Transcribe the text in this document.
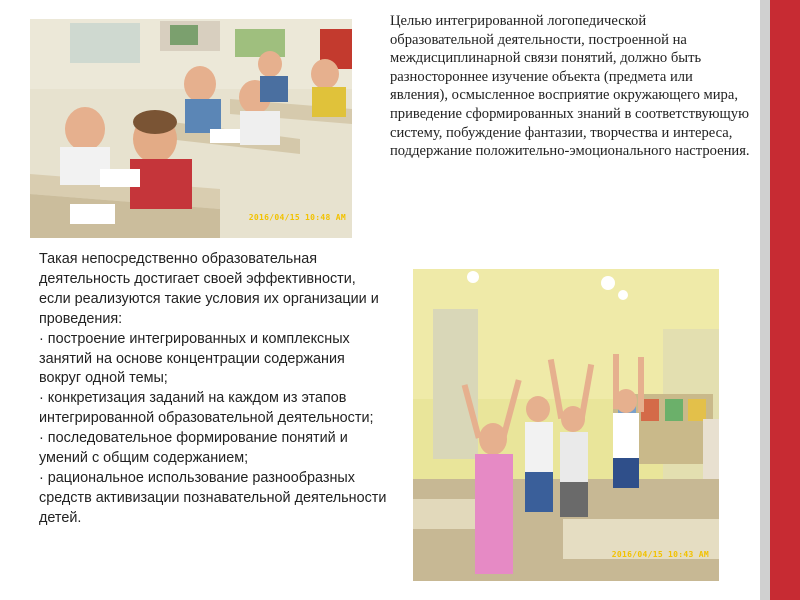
2016/04/15 10:48 AM
2016/04/15 10:43 AM
Целью интегрированной логопедической образовательной деятельности, построенной на междисциплинарной связи понятий, должно быть разностороннее изучение объекта (предмета или явления), осмысленное восприятие окружающего мира, приведение сформированных знаний в соответствующую систему, побуждение фантазии, творчества и интереса, поддержание положительно-эмоционального настроения.

Такая непосредственно образовательная деятельность достигает своей эффективности, если реализуются такие условия их организации и проведения:

· построение интегрированных и комплексных занятий на основе концентрации содержания вокруг одной темы;

· конкретизация заданий на каждом из этапов интегрированной образовательной деятельности;

· последовательное формирование понятий и умений с общим содержанием;

· рациональное использование разнообразных средств активизации познавательной деятельности детей.
